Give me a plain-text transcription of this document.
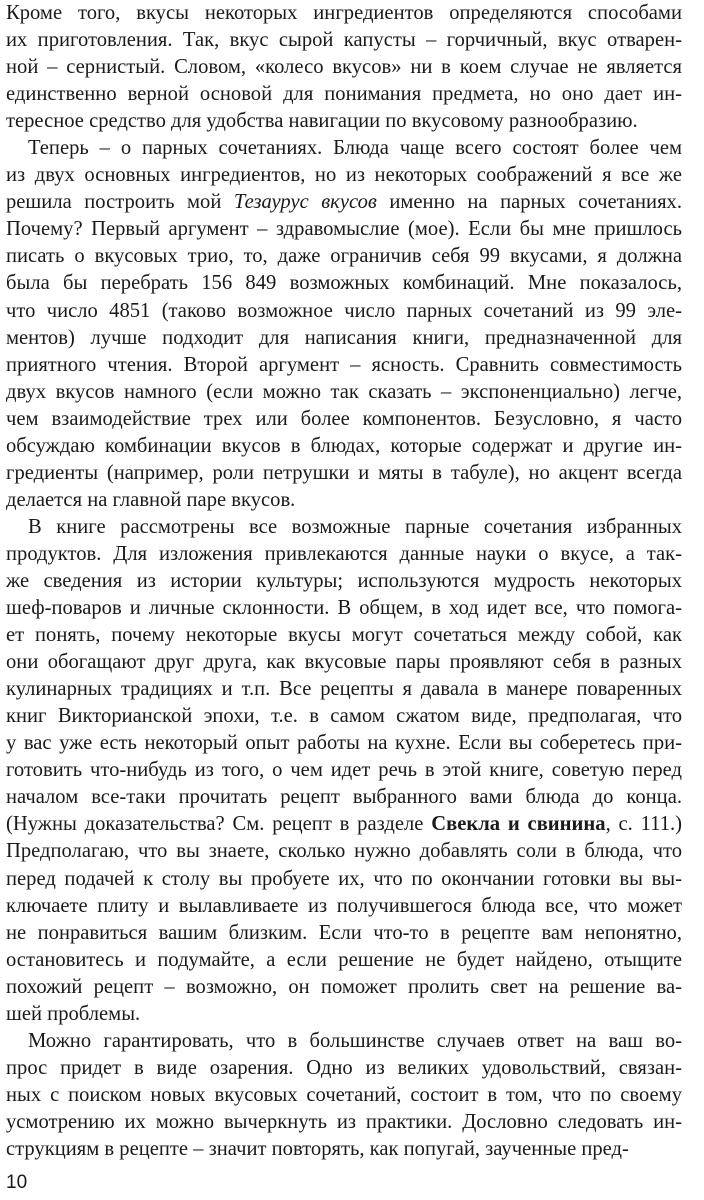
Кроме того, вкусы некоторых ингредиентов определяются способами
их приготовления. Так, вкус сырой капусты – горчичный, вкус отварен-
ной – сернистый. Словом, «колесо вкусов» ни в коем случае не является
единственно верной основой для понимания предмета, но оно дает ин-
тересное средство для удобства навигации по вкусовому разнообразию.
Теперь – о парных сочетаниях. Блюда чаще всего состоят более чем
из двух основных ингредиентов, но из некоторых соображений я все же
решила построить мой Тезаурус вкусов именно на парных сочетаниях.
Почему? Первый аргумент – здравомыслие (мое). Если бы мне пришлось
писать о вкусовых трио, то, даже ограничив себя 99 вкусами, я должна
была бы перебрать 156 849 возможных комбинаций. Мне показалось,
что число 4851 (таково возможное число парных сочетаний из 99 эле-
ментов) лучше подходит для написания книги, предназначенной для
приятного чтения. Второй аргумент – ясность. Сравнить совместимость
двух вкусов намного (если можно так сказать – экспоненциально) легче,
чем взаимодействие трех или более компонентов. Безусловно, я часто
обсуждаю комбинации вкусов в блюдах, которые содержат и другие ин-
гредиенты (например, роли петрушки и мяты в табуле), но акцент всегда
делается на главной паре вкусов.
В книге рассмотрены все возможные парные сочетания избранных
продуктов. Для изложения привлекаются данные науки о вкусе, а так-
же сведения из истории культуры; используются мудрость некоторых
шеф-поваров и личные склонности. В общем, в ход идет все, что помога-
ет понять, почему некоторые вкусы могут сочетаться между собой, как
они обогащают друг друга, как вкусовые пары проявляют себя в разных
кулинарных традициях и т.п. Все рецепты я давала в манере поваренных
книг Викторианской эпохи, т.е. в самом сжатом виде, предполагая, что
у вас уже есть некоторый опыт работы на кухне. Если вы соберетесь при-
готовить что-нибудь из того, о чем идет речь в этой книге, советую перед
началом все-таки прочитать рецепт выбранного вами блюда до конца.
(Нужны доказательства? См. рецепт в разделе Свекла и свинина, с. 111.)
Предполагаю, что вы знаете, сколько нужно добавлять соли в блюда, что
перед подачей к столу вы пробуете их, что по окончании готовки вы вы-
ключаете плиту и вылавливаете из получившегося блюда все, что может
не понравиться вашим близким. Если что-то в рецепте вам непонятно,
остановитесь и подумайте, а если решение не будет найдено, отыщите
похожий рецепт – возможно, он поможет пролить свет на решение ва-
шей проблемы.
Можно гарантировать, что в большинстве случаев ответ на ваш во-
прос придет в виде озарения. Одно из великих удовольствий, связан-
ных с поиском новых вкусовых сочетаний, состоит в том, что по своему
усмотрению их можно вычеркнуть из практики. Дословно следовать ин-
струкциям в рецепте – значит повторять, как попугай, заученные пред-
10
